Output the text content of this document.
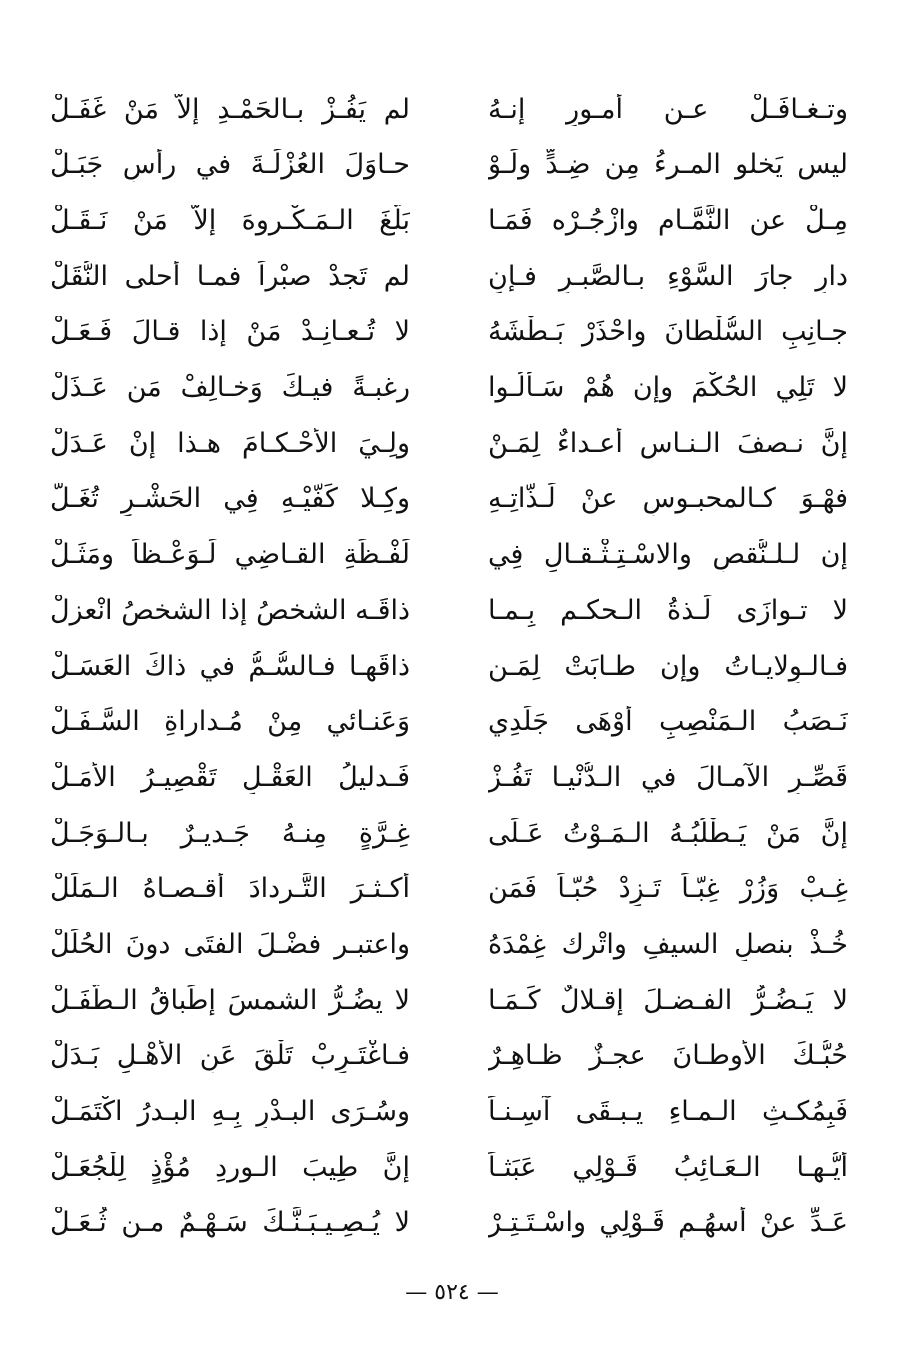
وتـغـافَـلْ عـن أمـورٍ إنـهُ
لم يَفُـزْ بـالحَمْـدِ إلاَّ مَنْ غَفَـلْ
ليس يَخلو المـرءُ مِن ضِـدٍّ ولَـوْ
حـاوَلَ العُزْلَـةَ في رأسِ جَبَـلْ
مِـلْ عنِ النَّمَّـامِ وازْجُـرْه فَمَـا
بَلَّغَ الـمَـكْـروهَ إلاَّ مَنْ نَـقَـلْ
دارِ جارَ السَّوْءِ بـالصَّبـرِ فـإنِ
لم تَجدْ صبْراً فمـا أحلى النُّقَلْ
جـانِبِ السُّلْطانَ واحْذَرْ بَـطْشَهُ
لا تُـعـانِـدْ مَنْ إذا قـالَ فَـعَـلْ
لا تَلِي الحُكْمَ وإن هُمْ سَـألُـوا
رغبـةً فيـكَ وَخـالِفْ مَن عَـذَلْ
إنَّ نـصفَ الـنـاسِ أعـداءٌ لِمَـنْ
ولِـيَ الأحْـكـامَ هـذا إنْ عَـدَلْ
فهْـوَ كـالمحبـوسِ عنْ لَـذَّاتِـهِ
وكِـلا كَفَّيْـهِ فِي الحَشْـرِ تُغَـلّ
إن لـلـنُّقصِ والاسْـتِـثْـقـالِ فِي
لَفْـظَةِ القـاضِي لَـوَعْـظاً ومَثَـلْ
لا تـوازَى لَـذةُ الـحكـمِ بِـمـا
ذاقَـه الشخصُ إذا الشخصُ انْعزلْ
فـالـوِلايـاتُ وإن طـابَتْ لِمَـن
ذاقَهـا فـالسُّـمُّ في ذاكَ العَسَـلْ
نَـصَبُ الـمَنْصِبِ أوْهَى جَلَدِي
وَعَنـائي مِنْ مُـداراةِ السَّـفَـلْ
قَصِّـرِ الآمـالَ في الـدُّنْيـا تَفُـزْ
فَـدليلُ العَقْـلِ تَقْصِيـرُ الأمَـلْ
إنَّ مَنْ يَـطْلُبُـهُ الـمَـوْتُ عَـلَى
غِـرَّةٍ مِنـهُ جَـديـرٌ بـالـوَجَـلْ
غِـبْ وَزُرْ غِبّـاً تَـزِدْ حُبّـاً فَمَن
أكـثـرَ التَّـردادَ أقـصـاهُ الـمَلَلْ
خُـذْ بنصلِ السيفِ واتْرك غِمْدَهُ
واعتبـر فضْـلَ الفتَى دونَ الحُلَلْ
لا يَـضُـرُّ الفـضـلَ إقـلالٌ كَـمَـا
لا يضُـرُّ الشمسَ إطَباقُ الـطَّفَـلْ
حُبُّـكَ الأوطـانَ عجـزٌ ظـاهِـرٌ
فـاغْتَـرِبْ تَلْقَ عَنِ الأهْـلِ بَـدَلْ
فَبِمُكـثِ الـمـاءِ يـبـقَى آسِـنـاً
وسُـرَى البـدْرِ بِـهِ البـدرُ اكْتَمَـلْ
أيُّـهـا الـعَـائِبُ قَـوْلِي عَبَثـاً
إنَّ طِيبَ الـوردِ مُؤْذٍ لِلْجُعَـلْ
عَـدِّ عنْ أسهُـمِ قَـوْلِي واسْـتَـتِـرْ
لا يُـصِـيـبَـنَّـكَ سَـهْـمٌ مـن ثُـعَـلْ
— ٥٢٤ —
